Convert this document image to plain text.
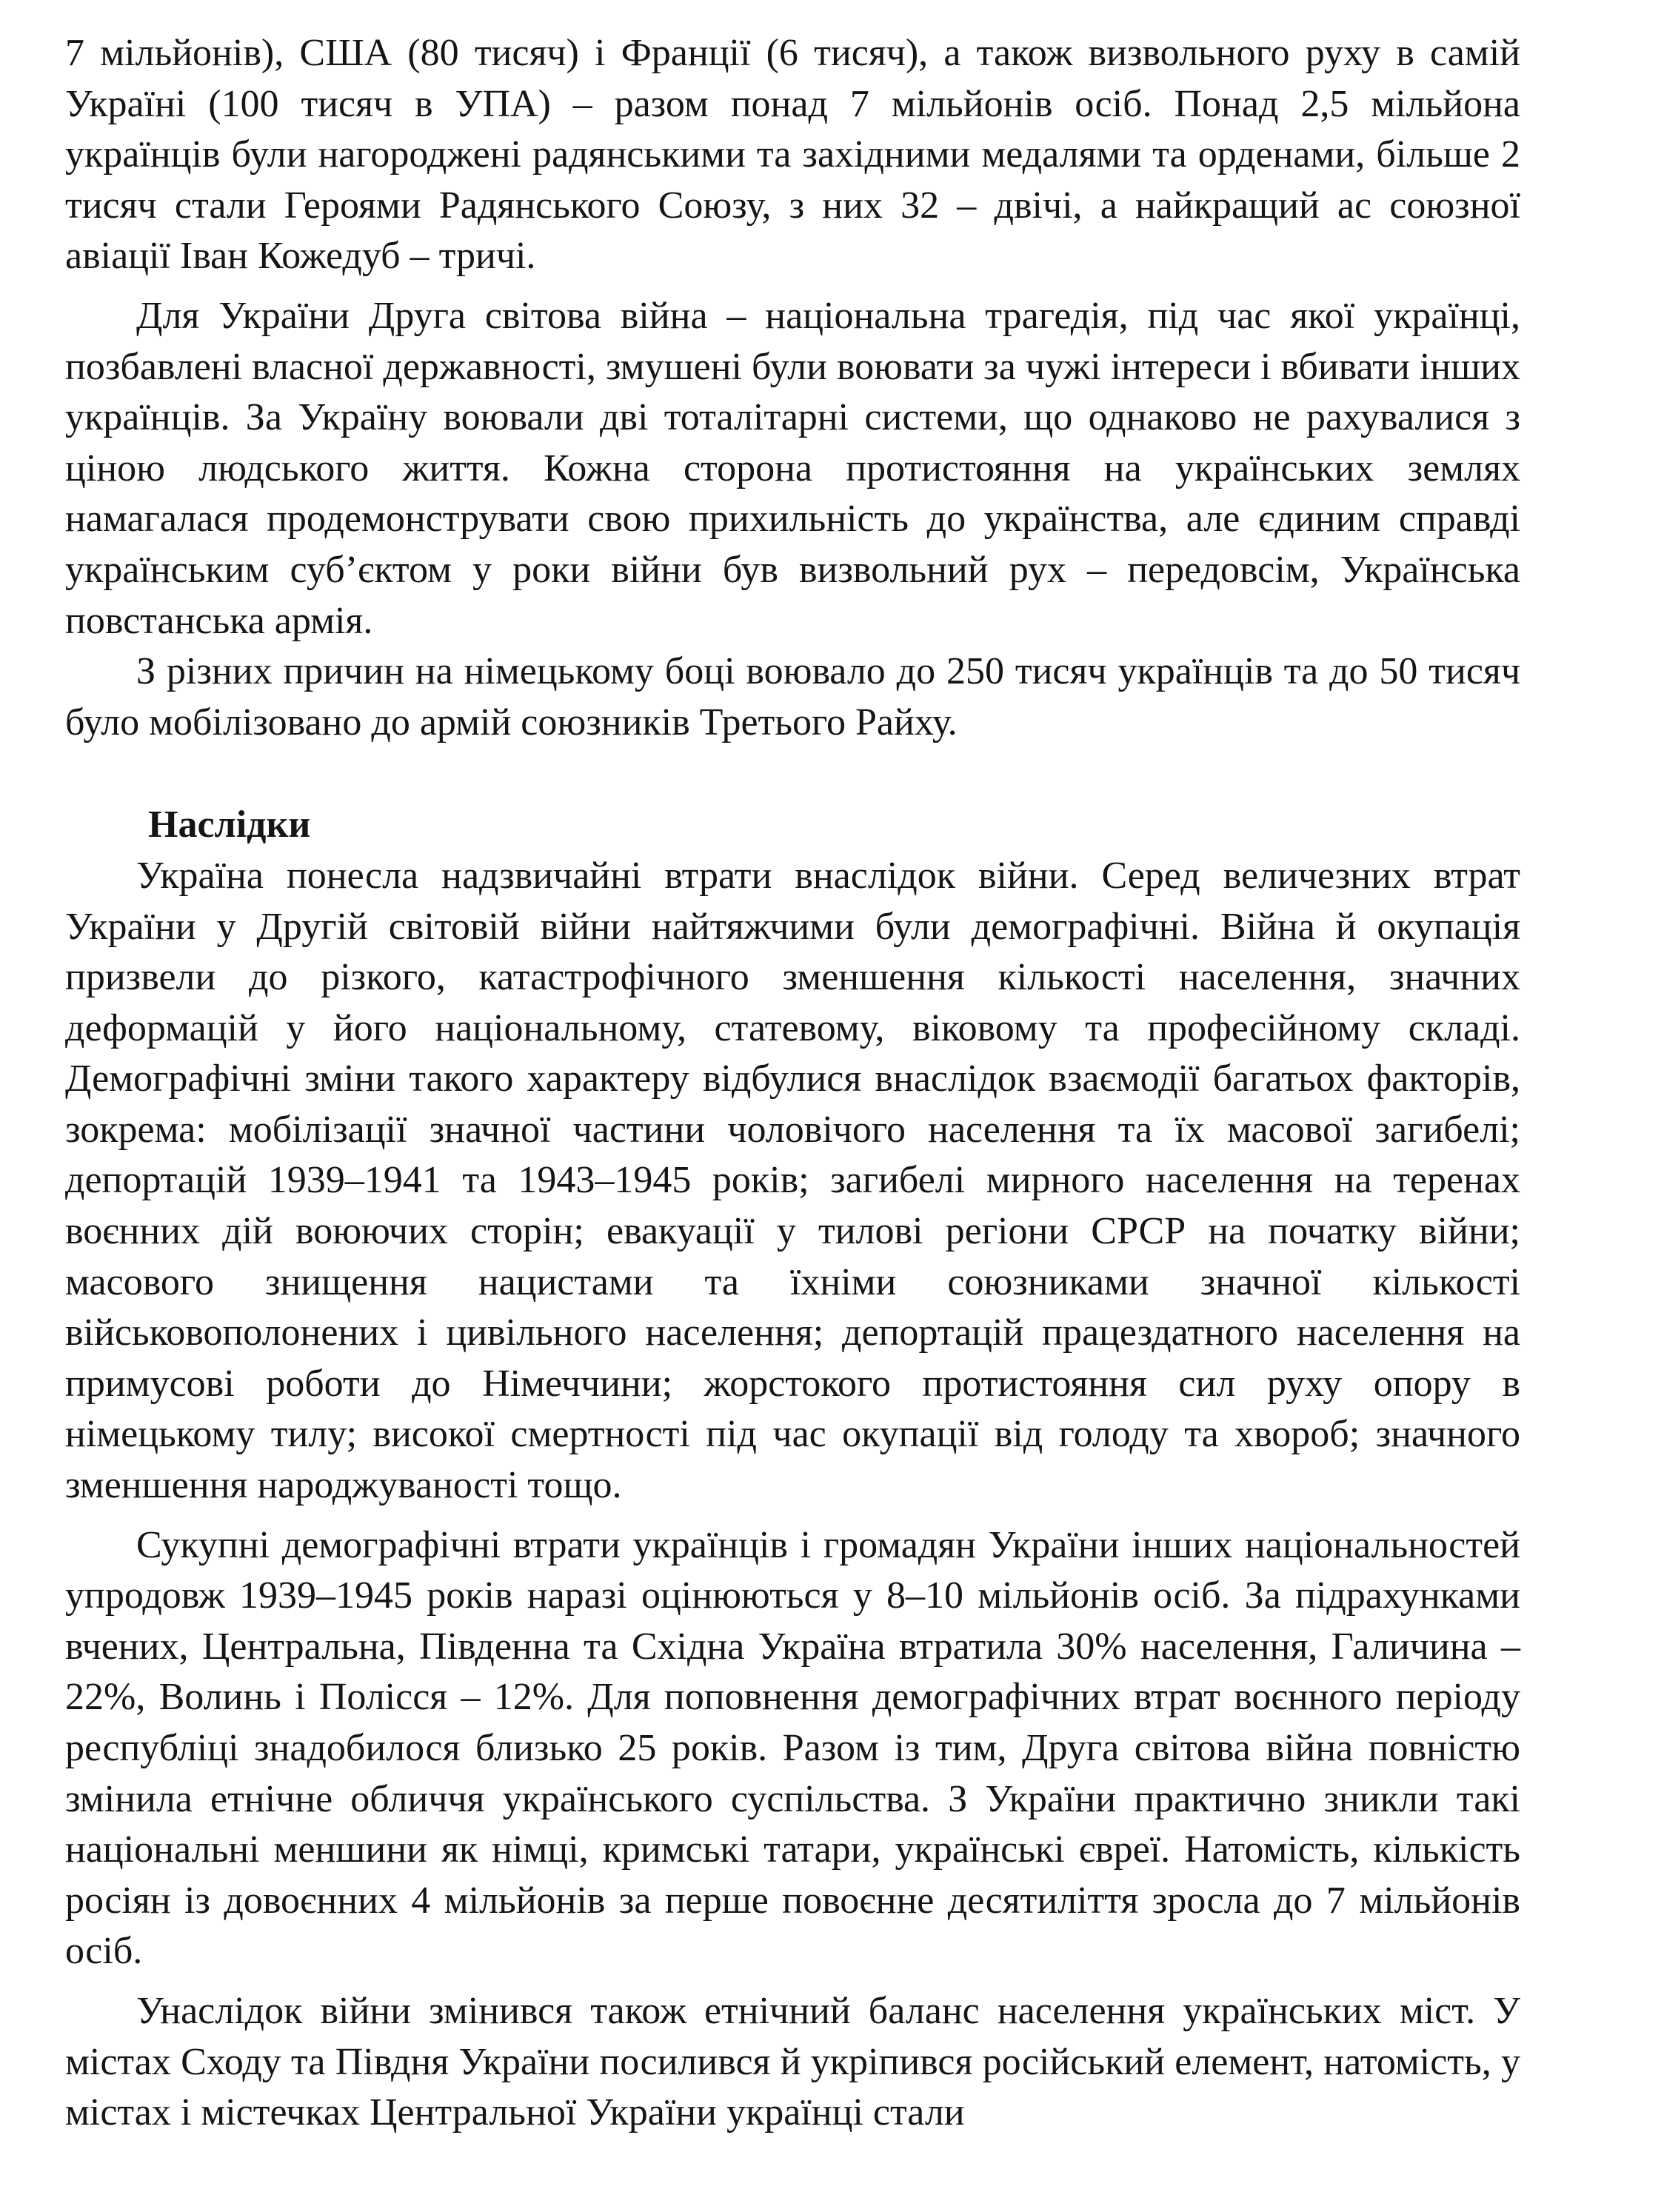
7 мільйонів), США (80 тисяч) і Франції (6 тисяч), а також визвольного руху в самій Україні (100 тисяч в УПА) – разом понад 7 мільйонів осіб. Понад 2,5 мільйона українців були нагороджені радянськими та західними медалями та орденами, більше 2 тисяч стали Героями Радянського Союзу, з них 32 – двічі, а найкращий ас союзної авіації Іван Кожедуб – тричі.

Для України Друга світова війна – національна трагедія, під час якої українці, позбавлені власної державності, змушені були воювати за чужі інтереси і вбивати інших українців. За Україну воювали дві тоталітарні системи, що однаково не рахувалися з ціною людського життя. Кожна сторона протистояння на українських землях намагалася продемонструвати свою прихильність до українства, але єдиним справді українським суб’єктом у роки війни був визвольний рух – передовсім, Українська повстанська армія.

З різних причин на німецькому боці воювало до 250 тисяч українців та до 50 тисяч було мобілізовано до армій союзників Третього Райху.

Наслідки

Україна понесла надзвичайні втрати внаслідок війни. Серед величезних втрат України у Другій світовій війни найтяжчими були демографічні. Війна й окупація призвели до різкого, катастрофічного зменшення кількості населення, значних деформацій у його національному, статевому, віковому та професійному складі. Демографічні зміни такого характеру відбулися внаслідок взаємодії багатьох факторів, зокрема: мобілізації значної частини чоловічого населення та їх масової загибелі; депортацій 1939–1941 та 1943–1945 років; загибелі мирного населення на теренах воєнних дій воюючих сторін; евакуації у тилові регіони СРСР на початку війни; масового знищення нацистами та їхніми союзниками значної кількості військовополонених і цивільного населення; депортацій працездатного населення на примусові роботи до Німеччини; жорстокого протистояння сил руху опору в німецькому тилу; високої смертності під час окупації від голоду та хвороб; значного зменшення народжуваності тощо.

Сукупні демографічні втрати українців і громадян України інших національностей упродовж 1939–1945 років наразі оцінюються у 8–10 мільйонів осіб. За підрахунками вчених, Центральна, Південна та Східна Україна втратила 30% населення, Галичина – 22%, Волинь і Полісся – 12%. Для поповнення демографічних втрат воєнного періоду республіці знадобилося близько 25 років. Разом із тим, Друга світова війна повністю змінила етнічне обличчя українського суспільства. З України практично зникли такі національні меншини як німці, кримські татари, українські євреї. Натомість, кількість росіян із довоєнних 4 мільйонів за перше повоєнне десятиліття зросла до 7 мільйонів осіб.

Унаслідок війни змінився також етнічний баланс населення українських міст. У містах Сходу та Півдня України посилився й укріпився російський елемент, натомість, у містах і містечках Центральної України українці стали
